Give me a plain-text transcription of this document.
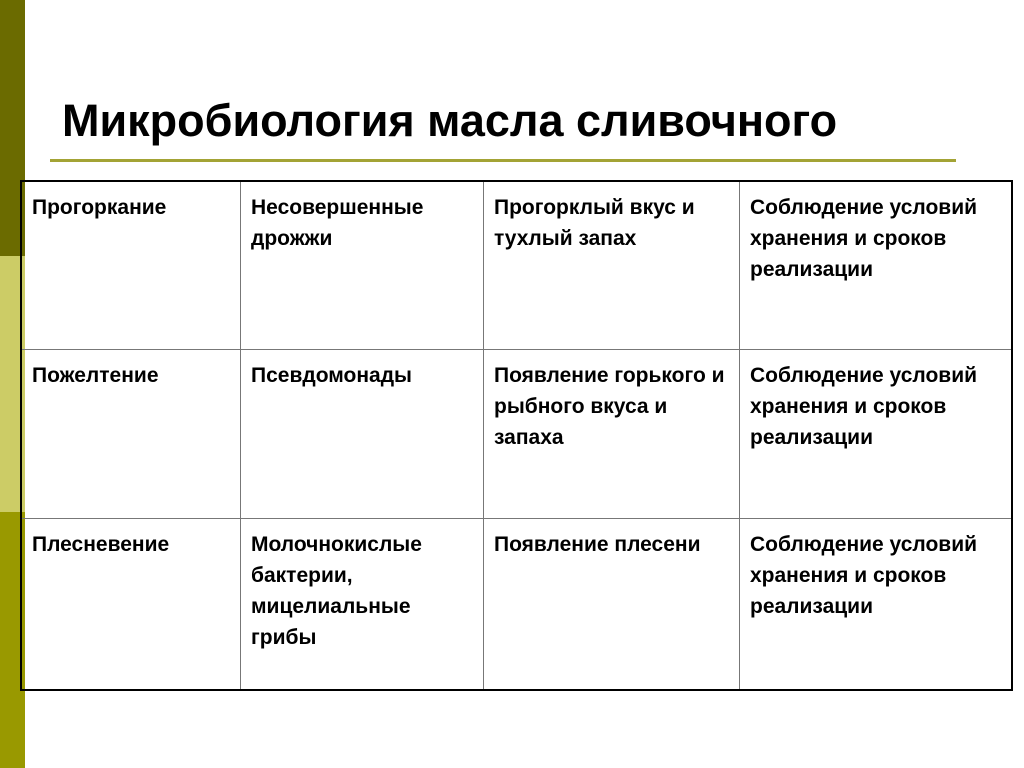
Микробиология масла сливочного
Прогоркание	Несовершенные дрожжи	Прогорклый вкус и тухлый запах	Соблюдение условий хранения и сроков реализации
Пожелтение	Псевдомонады	Появление горького и рыбного вкуса и запаха	Соблюдение условий хранения и сроков реализации
Плесневение	Молочнокислые бактерии, мицелиальные грибы	Появление плесени	Соблюдение условий хранения и сроков реализации
